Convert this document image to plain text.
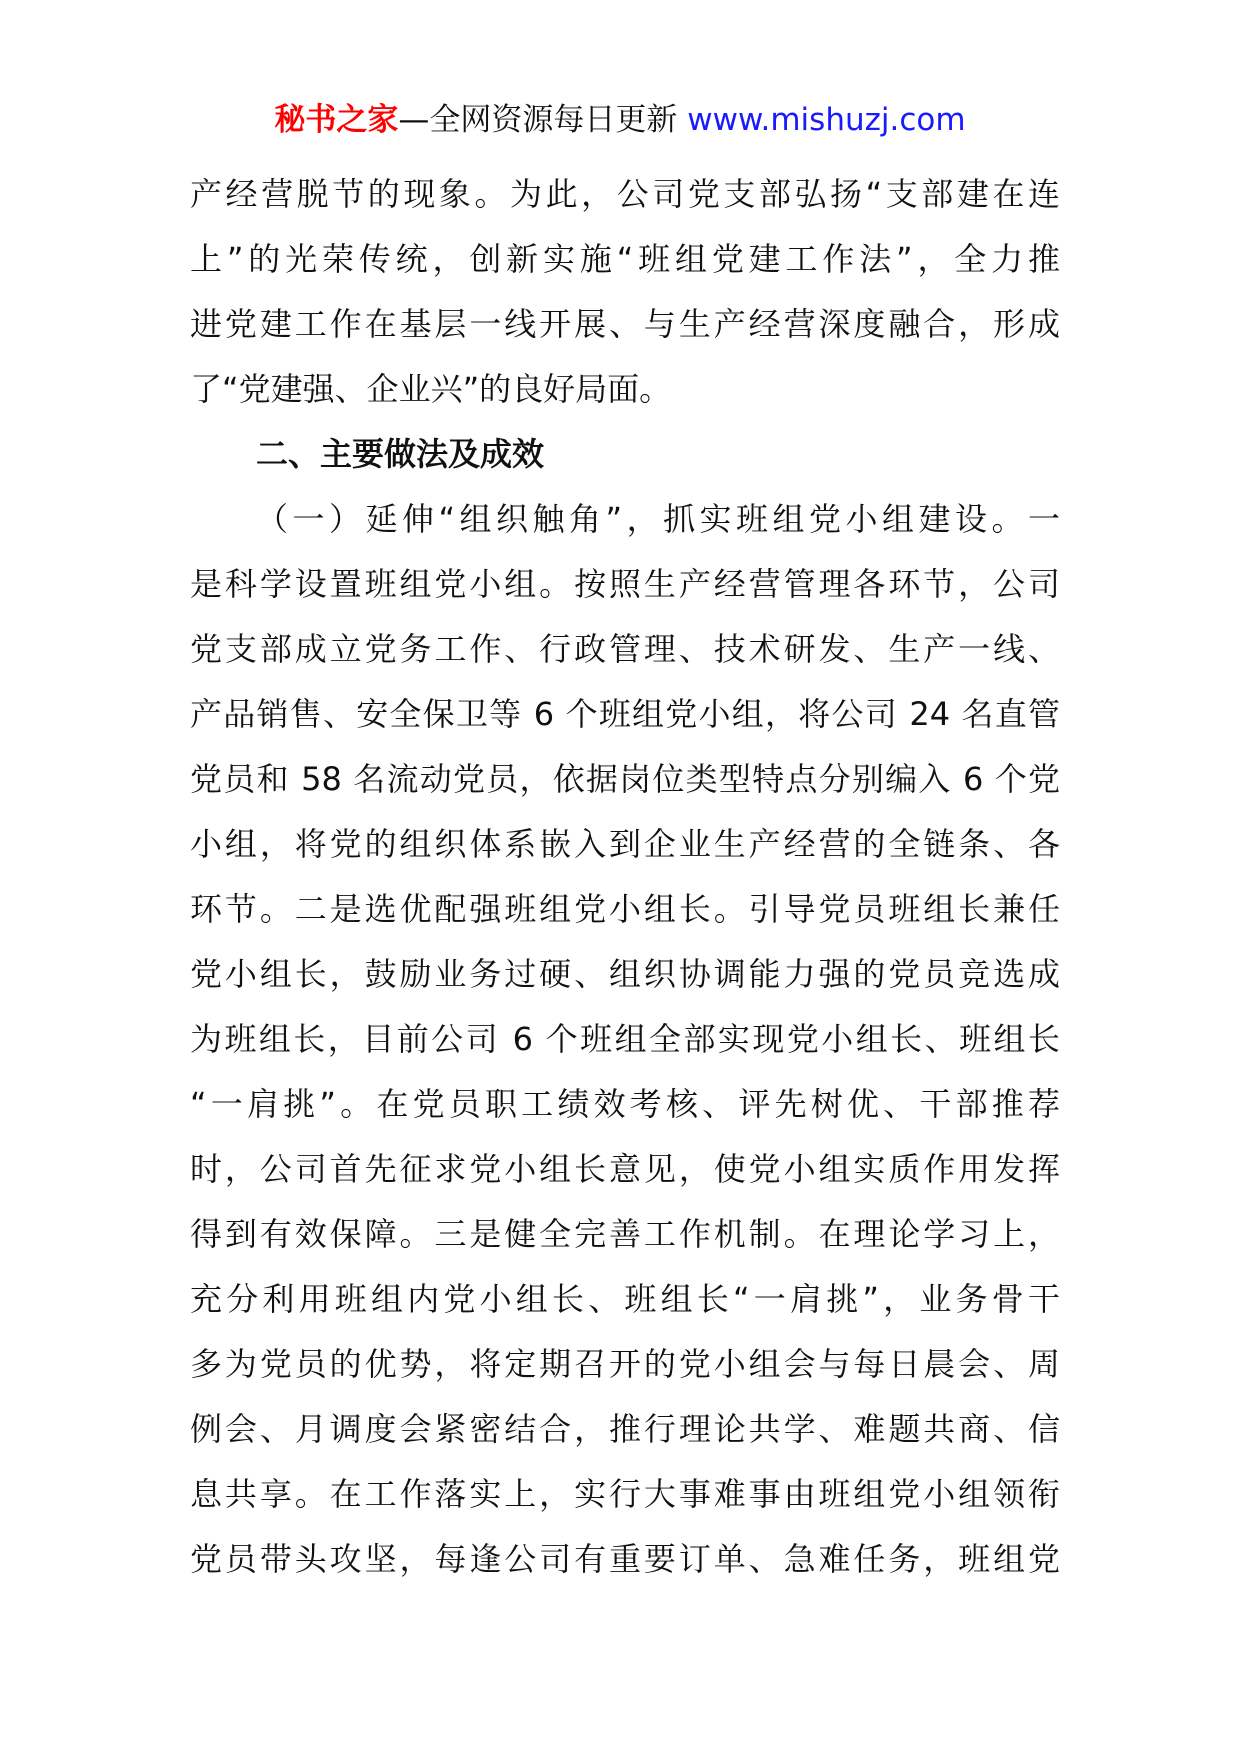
秘书之家—全网资源每日更新 www.mishuzj.com
产经营脱节的现象。为此，公司党支部弘扬“支部建在连
上”的光荣传统，创新实施“班组党建工作法”，全力推
进党建工作在基层一线开展、与生产经营深度融合，形成
了“党建强、企业兴”的良好局面。
二、主要做法及成效
（一）延伸“组织触角”，抓实班组党小组建设。一
是科学设置班组党小组。按照生产经营管理各环节，公司
党支部成立党务工作、行政管理、技术研发、生产一线、
产品销售、安全保卫等 6 个班组党小组，将公司 24 名直管
党员和 58 名流动党员，依据岗位类型特点分别编入 6 个党
小组，将党的组织体系嵌入到企业生产经营的全链条、各
环节。二是选优配强班组党小组长。引导党员班组长兼任
党小组长，鼓励业务过硬、组织协调能力强的党员竞选成
为班组长，目前公司 6 个班组全部实现党小组长、班组长
“一肩挑”。在党员职工绩效考核、评先树优、干部推荐
时，公司首先征求党小组长意见，使党小组实质作用发挥
得到有效保障。三是健全完善工作机制。在理论学习上，
充分利用班组内党小组长、班组长“一肩挑”，业务骨干
多为党员的优势，将定期召开的党小组会与每日晨会、周
例会、月调度会紧密结合，推行理论共学、难题共商、信
息共享。在工作落实上，实行大事难事由班组党小组领衔
党员带头攻坚，每逢公司有重要订单、急难任务，班组党
